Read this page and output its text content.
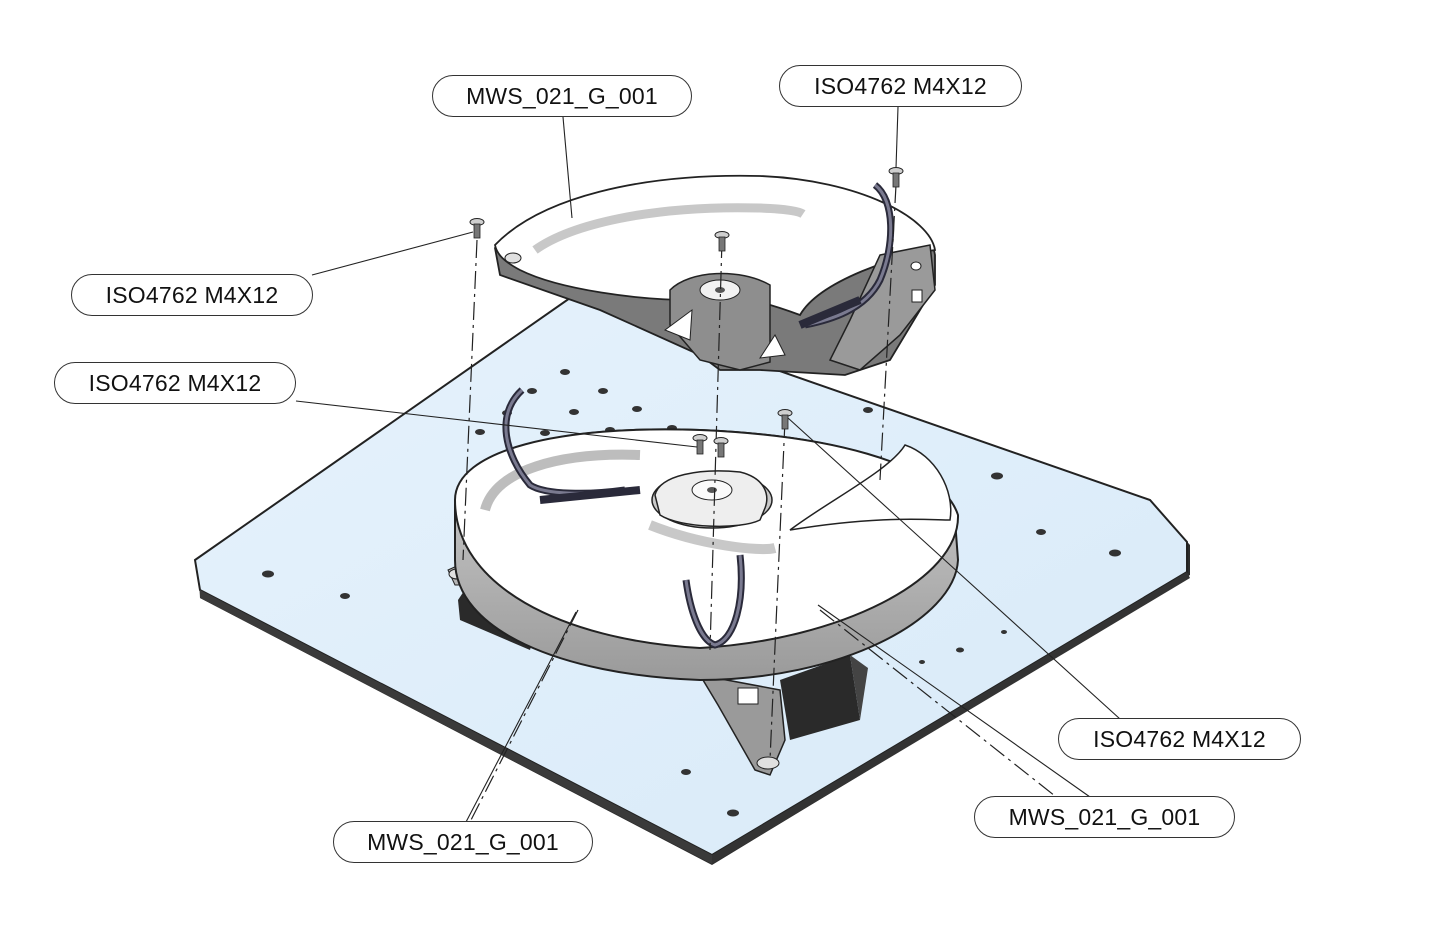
MWS_021_G_001	ISO4762 M4X12
ISO4762 M4X12
ISO4762 M4X12
ISO4762 M4X12
MWS_021_G_001
MWS_021_G_001
